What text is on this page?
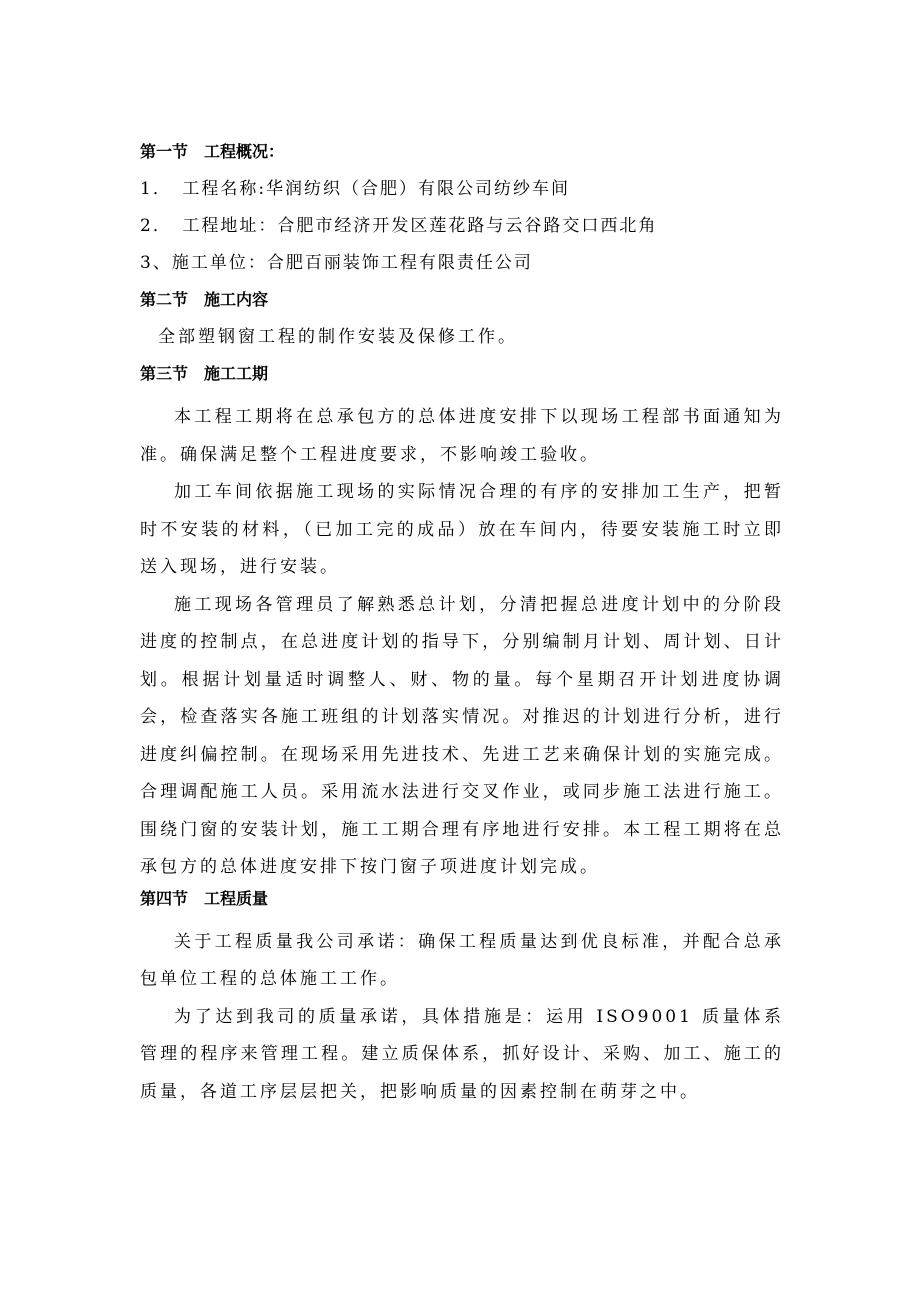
第一节　工程概况：

1．　工程名称:华润纺织（合肥）有限公司纺纱车间

2．　工程地址：合肥市经济开发区莲花路与云谷路交口西北角

3、施工单位：合肥百丽装饰工程有限责任公司

第二节　施工内容

全部塑钢窗工程的制作安装及保修工作。

第三节　施工工期

本工程工期将在总承包方的总体进度安排下以现场工程部书面通知为准。确保满足整个工程进度要求，不影响竣工验收。

加工车间依据施工现场的实际情况合理的有序的安排加工生产，把暂时不安装的材料，（已加工完的成品）放在车间内，待要安装施工时立即送入现场，进行安装。

施工现场各管理员了解熟悉总计划，分清把握总进度计划中的分阶段进度的控制点，在总进度计划的指导下，分别编制月计划、周计划、日计划。根据计划量适时调整人、财、物的量。每个星期召开计划进度协调会，检查落实各施工班组的计划落实情况。对推迟的计划进行分析，进行进度纠偏控制。在现场采用先进技术、先进工艺来确保计划的实施完成。合理调配施工人员。采用流水法进行交叉作业，或同步施工法进行施工。围绕门窗的安装计划，施工工期合理有序地进行安排。本工程工期将在总承包方的总体进度安排下按门窗子项进度计划完成。

第四节　工程质量

关于工程质量我公司承诺：确保工程质量达到优良标准，并配合总承包单位工程的总体施工工作。

为了达到我司的质量承诺，具体措施是：运用 ISO9001 质量体系管理的程序来管理工程。建立质保体系，抓好设计、采购、加工、施工的质量，各道工序层层把关，把影响质量的因素控制在萌芽之中。
